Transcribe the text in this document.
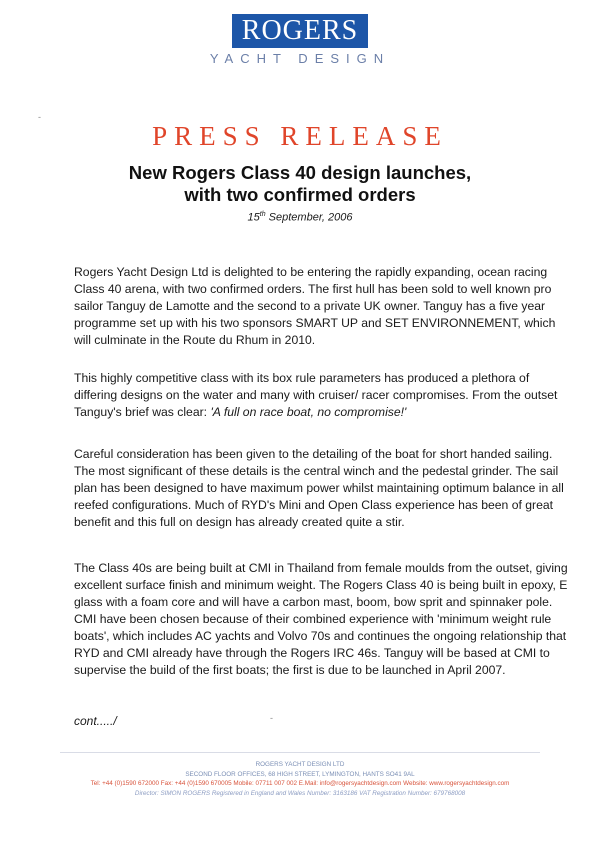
ROGERS
YACHT DESIGN
-
-
PRESS RELEASE
New Rogers Class 40 design launches,
with two confirmed orders
15th September, 2006

Rogers Yacht Design Ltd is delighted to be entering the rapidly expanding, ocean racing Class 40 arena, with two confirmed orders. The first hull has been sold to well known pro sailor Tanguy de Lamotte and the second to a private UK owner. Tanguy has a five year programme set up with his two sponsors SMART UP and SET ENVIRONNEMENT, which will culminate in the Route du Rhum in 2010.

This highly competitive class with its box rule parameters has produced a plethora of differing designs on the water and many with cruiser/ racer compromises. From the outset Tanguy's brief was clear: 'A full on race boat, no compromise!'

Careful consideration has been given to the detailing of the boat for short handed sailing. The most significant of these details is the central winch and the pedestal grinder. The sail plan has been designed to have maximum power whilst maintaining optimum balance in all reefed configurations. Much of RYD's Mini and Open Class experience has been of great benefit and this full on design has already created quite a stir.

The Class 40s are being built at CMI in Thailand from female moulds from the outset, giving excellent surface finish and minimum weight. The Rogers Class 40 is being built in epoxy, E glass with a foam core and will have a carbon mast, boom, bow sprit and spinnaker pole. CMI have been chosen because of their combined experience with 'minimum weight rule boats', which includes AC yachts and Volvo 70s and continues the ongoing relationship that RYD and CMI already have through the Rogers IRC 46s. Tanguy will be based at CMI to supervise the build of the first boats; the first is due to be launched in April 2007.

cont...../
ROGERS YACHT DESIGN LTD
SECOND FLOOR OFFICES, 68 HIGH STREET, LYMINGTON, HANTS SO41 9AL
Tel: +44 (0)1590 672000 Fax: +44 (0)1590 670005 Mobile: 07711 007 002 E.Mail: info@rogersyachtdesign.com Website: www.rogersyachtdesign.com
Director: SIMON ROGERS Registered in England and Wales Number: 3163186 VAT Registration Number: 679768008
